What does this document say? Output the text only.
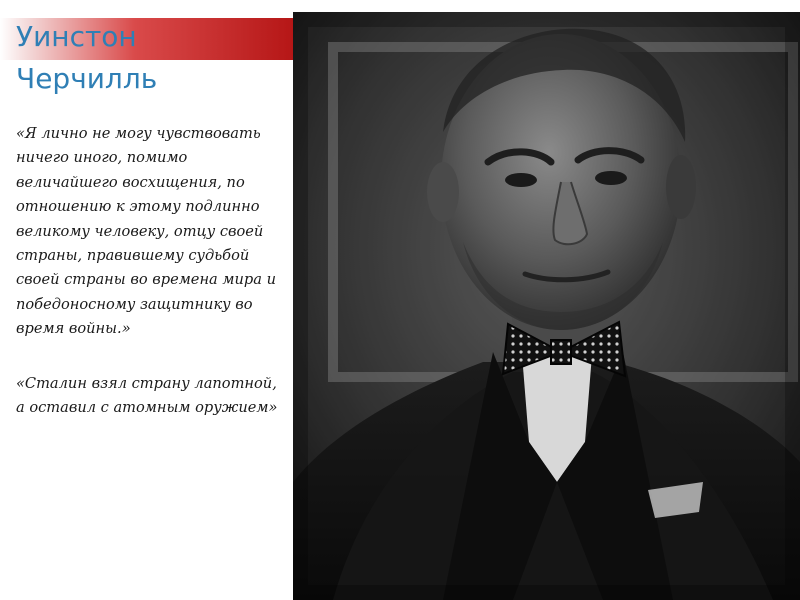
Уинстон
Черчилль

«Я лично не могу чувствовать ничего иного, помимо величайшего восхищения, по отношению к этому подлинно великому человеку, отцу своей страны, правившему судьбой своей страны во времена мира и победоносному защитнику во время войны.»

«Сталин взял страну лапотной, а оставил с атомным оружием»
